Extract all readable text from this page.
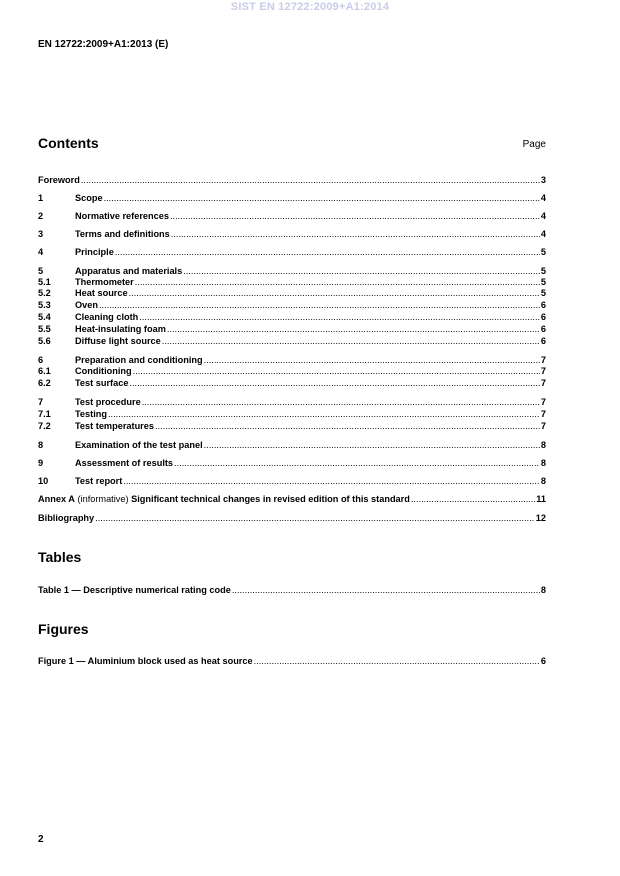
SIST EN 12722:2009+A1:2014
EN 12722:2009+A1:2013 (E)
Contents	Page
Foreword .....	3
1	Scope .....	4
2	Normative references .....	4
3	Terms and definitions .....	4
4	Principle .....	5
5	Apparatus and materials .....	5
5.1	Thermometer .....	5
5.2	Heat source .....	5
5.3	Oven .....	6
5.4	Cleaning cloth .....	6
5.5	Heat-insulating foam .....	6
5.6	Diffuse light source .....	6
6	Preparation and conditioning .....	7
6.1	Conditioning .....	7
6.2	Test surface .....	7
7	Test procedure .....	7
7.1	Testing .....	7
7.2	Test temperatures .....	7
8	Examination of the test panel .....	8
9	Assessment of results .....	8
10	Test report .....	8
Annex A (informative) Significant technical changes in revised edition of this standard .....	11
Bibliography .....	12
Tables
Table 1 — Descriptive numerical rating code .....	8
Figures
Figure 1 — Aluminium block used as heat source .....	6
2
